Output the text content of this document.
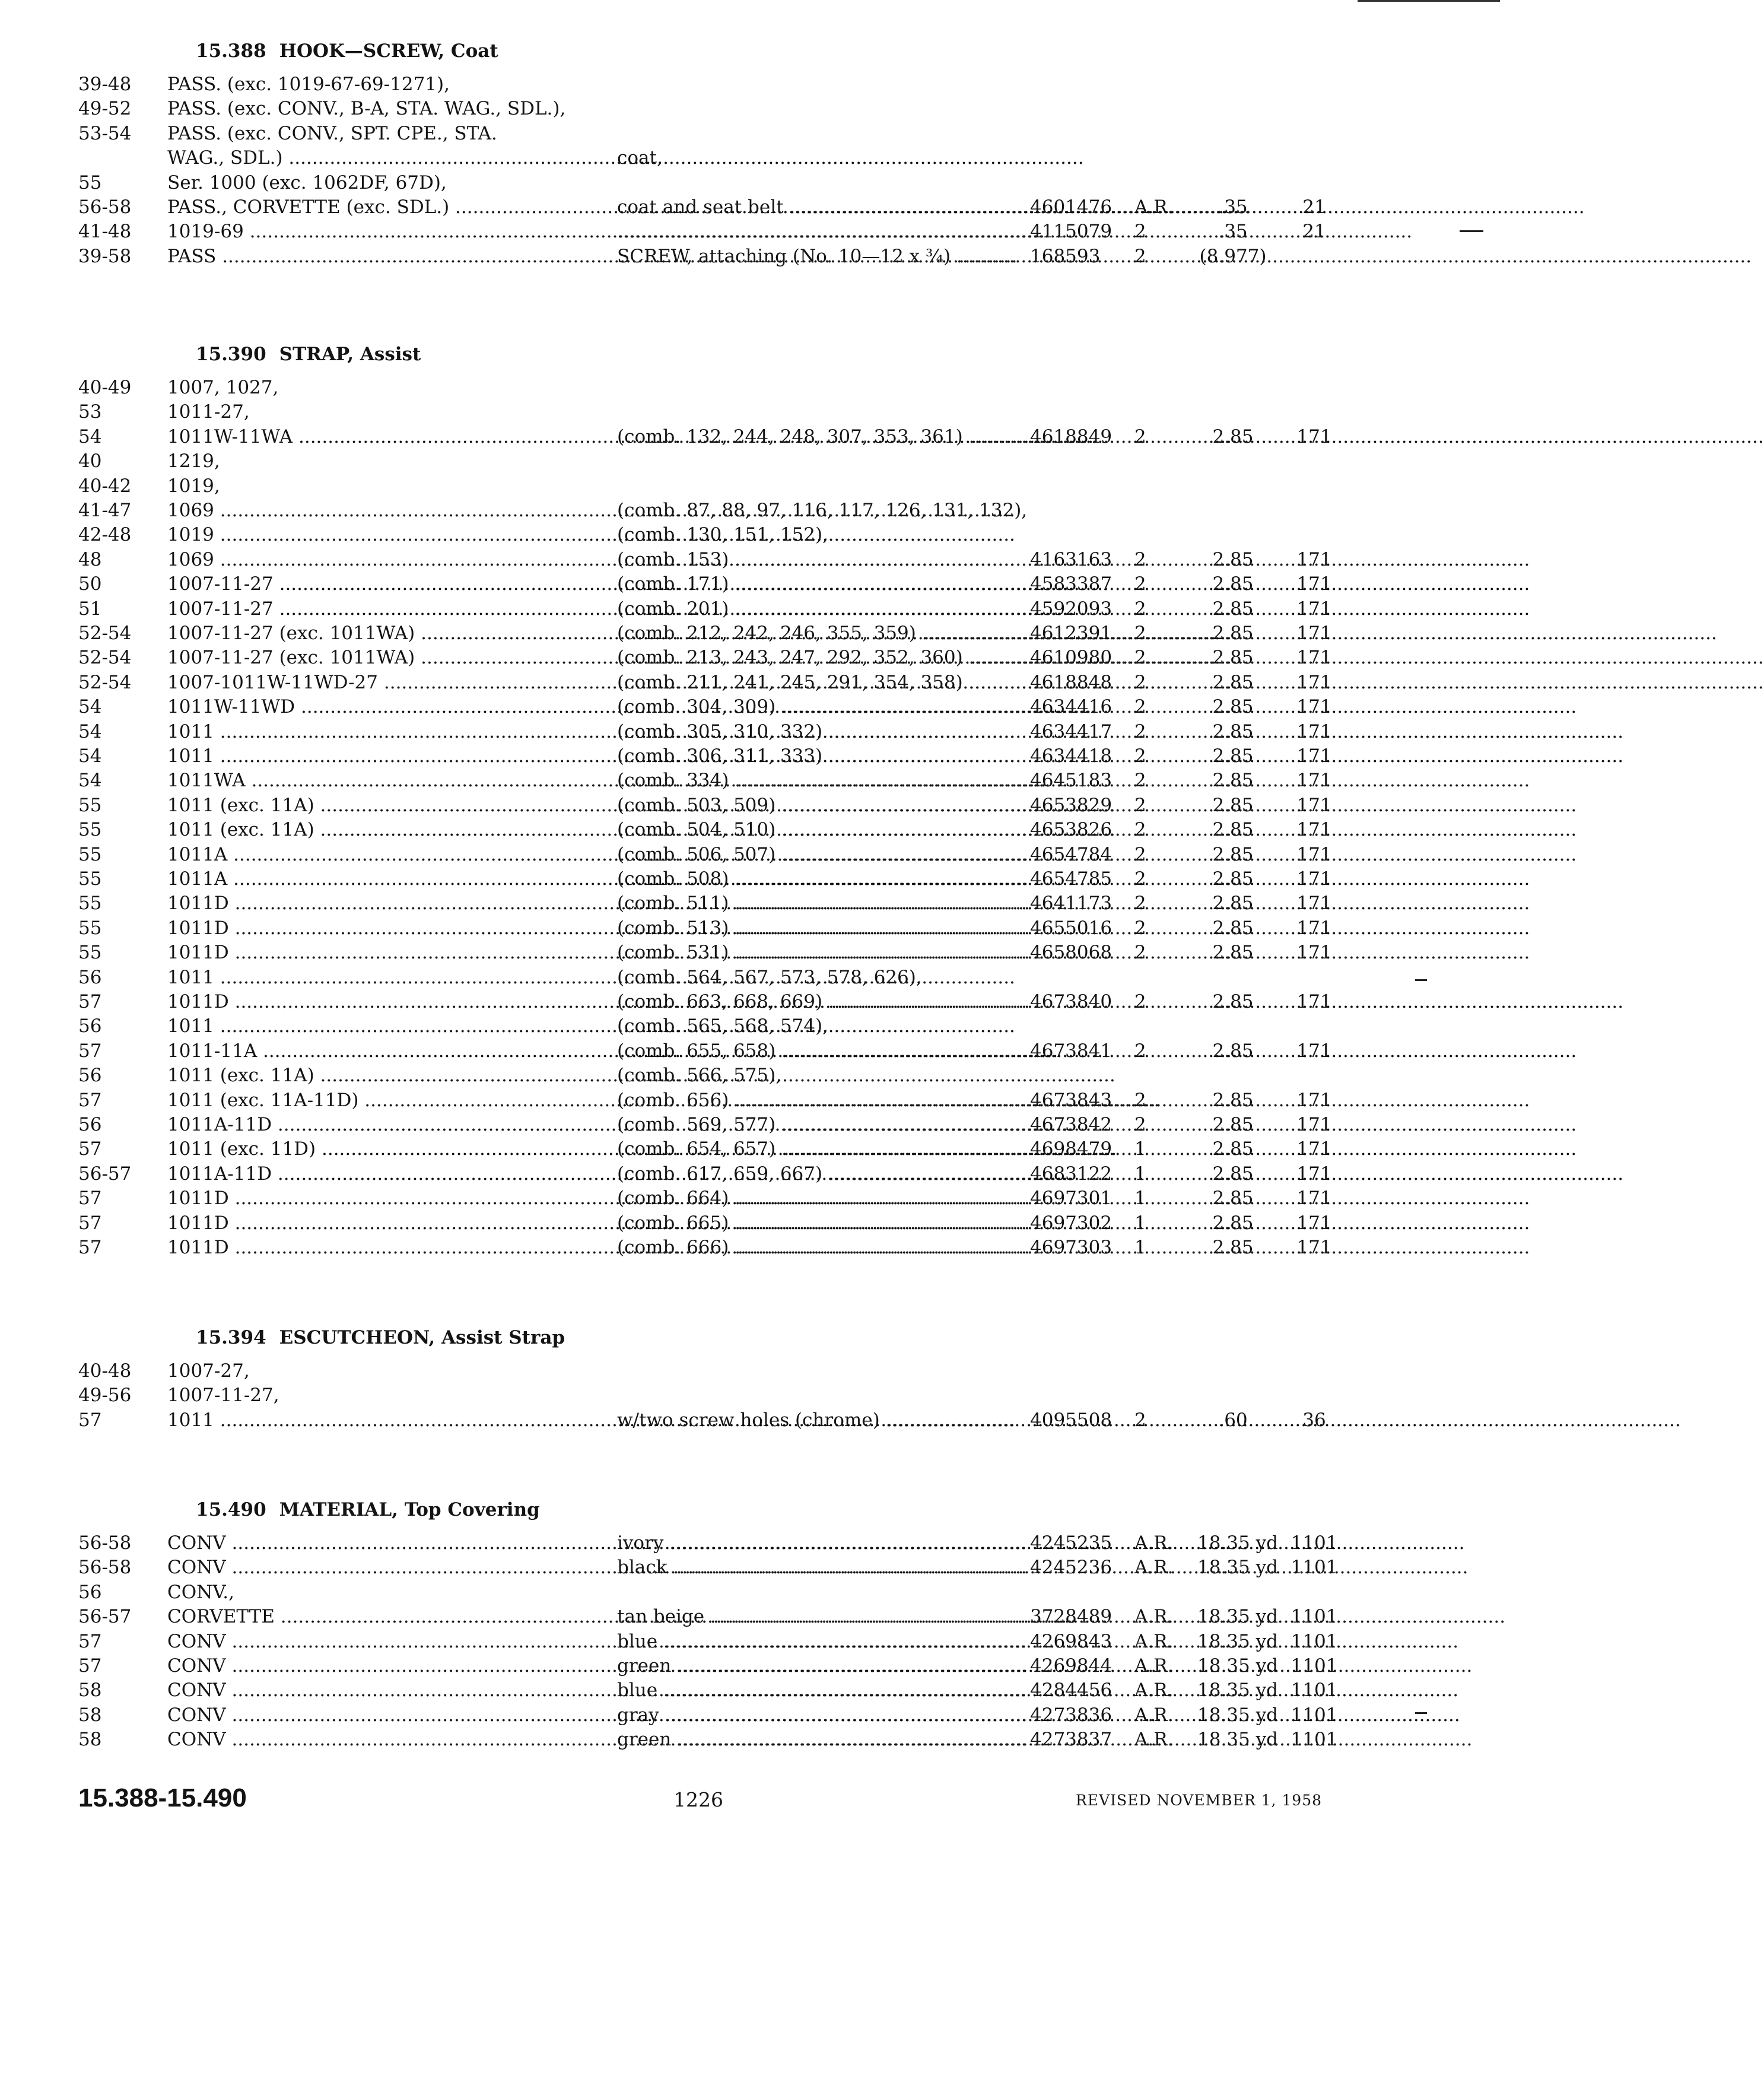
15.388 HOOK—SCREW, Coat
39-48	PASS. (exc. 1019-67-69-1271),
49-52	PASS. (exc. CONV., B-A, STA. WAG., SDL.),
53-54	PASS. (exc. CONV., SPT. CPE., STA.
WAG., SDL.) .....	coat,
55	Ser. 1000 (exc. 1062DF, 67D),
56-58	PASS., CORVETTE (exc. SDL.) .....	coat and seat belt .....	4601476	A.R.	.35	21
41-48	1019-69 .....
.....	4115079	2	.35	21
39-58	PASS .....	SCREW, attaching (No. 10—12 x ¾) .....	168593	2	(8.977)
15.390 STRAP, Assist
40-49	1007, 1027,
53	1011-27,
54	1011W-11WA .....	(comb. 132, 244, 248, 307, 353, 361) .....	4618849	2	2.85	171
40	1219,
40-42	1019,
41-47	1069 .....	(comb. 87, 88, 97, 116, 117, 126, 131, 132),
42-48	1019 .....	(comb. 130, 151, 152),
48	1069 .....	(comb. 153) .....	4163163	2	2.85	171
50	1007-11-27 .....	(comb. 171) .....	4583387	2	2.85	171
51	1007-11-27 .....	(comb. 201) .....	4592093	2	2.85	171
52-54	1007-11-27 (exc. 1011WA) .....	(comb. 212, 242, 246, 355, 359) .....	4612391	2	2.85	171
52-54	1007-11-27 (exc. 1011WA) .....	(comb. 213, 243, 247, 292, 352, 360) .....	4610980	2	2.85	171
52-54	1007-1011W-11WD-27 .....	(comb. 211, 241, 245, 291, 354, 358) .....	4618848	2	2.85	171
54	1011W-11WD .....	(comb. 304, 309) .....	4634416	2	2.85	171
54	1011 .....	(comb. 305, 310, 332) .....	4634417	2	2.85	171
54	1011 .....	(comb. 306, 311, 333) .....	4634418	2	2.85	171
54	1011WA .....	(comb. 334) .....	4645183	2	2.85	171
55	1011 (exc. 11A) .....	(comb. 503, 509) .....	4653829	2	2.85	171
55	1011 (exc. 11A) .....	(comb. 504, 510) .....	4653826	2	2.85	171
55	1011A .....	(comb. 506, 507) .....	4654784	2	2.85	171
55	1011A .....	(comb. 508) .....	4654785	2	2.85	171
55	1011D .....	(comb. 511) .....	4641173	2	2.85	171
55	1011D .....	(comb. 513) .....	4655016	2	2.85	171
55	1011D .....	(comb. 531) .....	4658068	2	2.85	171
56	1011 .....	(comb. 564, 567, 573, 578, 626),
57	1011D .....	(comb. 663, 668, 669) .....	4673840	2	2.85	171
56	1011 .....	(comb. 565, 568, 574),
57	1011-11A .....	(comb. 655, 658) .....	4673841	2	2.85	171
56	1011 (exc. 11A) .....	(comb. 566, 575),
57	1011 (exc. 11A-11D) .....	(comb. 656) .....	4673843	2	2.85	171
56	1011A-11D .....	(comb. 569, 577) .....	4673842	2	2.85	171
57	1011 (exc. 11D) .....	(comb. 654, 657) .....	4698479	1	2.85	171
56-57	1011A-11D .....	(comb. 617, 659, 667) .....	4683122	1	2.85	171
57	1011D .....	(comb. 664) .....	4697301	1	2.85	171
57	1011D .....	(comb. 665) .....	4697302	1	2.85	171
57	1011D .....	(comb. 666) .....	4697303	1	2.85	171
15.394 ESCUTCHEON, Assist Strap
40-48	1007-27,
49-56	1007-11-27,
57	1011 .....	w/two screw holes (chrome) .....	4095508	2	.60	36
15.490 MATERIAL, Top Covering
56-58	CONV .....	ivory .....	4245235	A.R.	18.35 yd 1101
56-58	CONV .....	black .....	4245236	A.R.	18.35 yd 1101
56	CONV.,
56-57	CORVETTE .....	tan beige .....	3728489	A.R.	18.35 yd 1101
57	CONV .....	blue .....	4269843	A.R.	18.35 yd 1101
57	CONV .....	green .....	4269844	A.R.	18.35 yd 1101
58	CONV .....	blue .....	4284456	A.R.	18.35 yd 1101
58	CONV .....	gray .....	4273836	A.R.	18.35 yd 1101
58	CONV .....	green .....	4273837	A.R.	18.35 yd 1101
15.388-15.490	1226	REVISED NOVEMBER 1, 1958
